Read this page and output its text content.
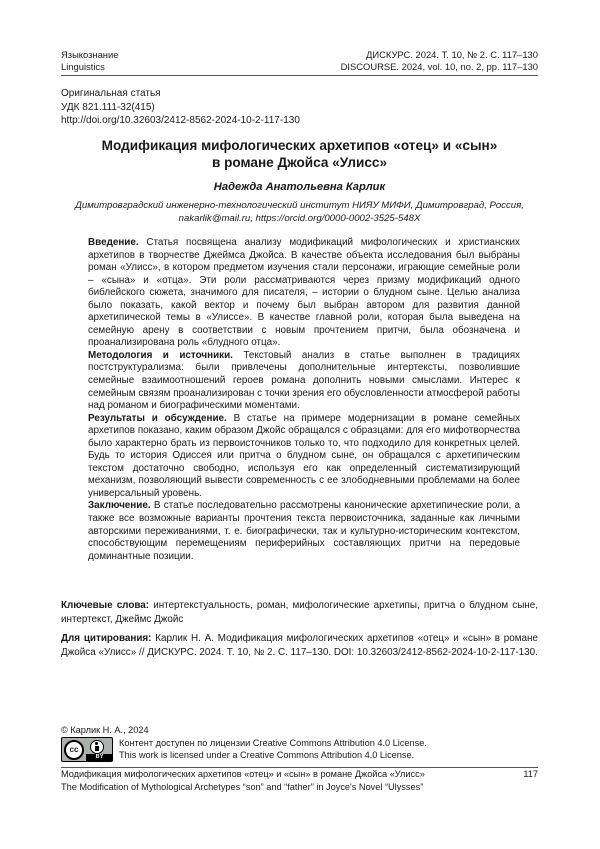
Языкознание
Linguistics
ДИСКУРС. 2024. Т. 10, № 2. С. 117–130
DISCOURSE. 2024, vol. 10, no. 2, pp. 117–130
Оригинальная статья
УДК 821.111-32(415)
http://doi.org/10.32603/2412-8562-2024-10-2-117-130
Модификация мифологических архетипов «отец» и «сын»
в романе Джойса «Улисс»
Надежда Анатольевна Карлик
Димитровградский инженерно-технологический институт НИЯУ МИФИ, Димитровград, Россия,
nakarlik@mail.ru, https://orcid.org/0000-0002-3525-548X

Введение. Статья посвящена анализу модификаций мифологических и христианских архетипов в творчестве Джеймса Джойса. В качестве объекта исследования был выбраны роман «Улисс», в котором предметом изучения стали персонажи, играющие семейные роли – «сына» и «отца». Эти роли рассматриваются через призму модификаций одного библейского сюжета, значимого для писателя, – истории о блудном сыне. Целью анализа было показать, какой вектор и почему был выбран автором для развития данной архетипической темы в «Улиссе». В качестве главной роли, которая была выведена на семейную арену в соответствии с новым прочтением притчи, была обозначена и проанализирована роль «блудного отца».

Методология и источники. Текстовый анализ в статье выполнен в традициях постструктурализма: были привлечены дополнительные интертексты, позволившие семейные взаимоотношений героев романа дополнить новыми смыслами. Интерес к семейным связям проанализирован с точки зрения его обусловленности атмосферой работы над романом и биографическими моментами.

Результаты и обсуждение. В статье на примере модернизации в романе семейных архетипов показано, каким образом Джойс обращался с образцами: для его мифотворчества было характерно брать из первоисточников только то, что подходило для конкретных целей. Будь то история Одиссея или притча о блудном сыне, он обращался с архетипическим текстом достаточно свободно, используя его как определенный систематизирующий механизм, позволяющий вывести современность с ее злободневными проблемами на более универсальный уровень.

Заключение. В статье последовательно рассмотрены канонические архетипические роли, а также все возможные варианты прочтения текста первоисточника, заданные как личными авторскими переживаниями, т. е. биографически, так и культурно-историческим контекстом, способствующим перемещениям периферийных составляющих притчи на передовые доминантные позиции.

Ключевые слова: интертекстуальность, роман, мифологические архетипы, притча о блудном сыне, интертекст, Джеймс Джойс
Для цитирования: Карлик Н. А. Модификация мифологических архетипов «отец» и «сын» в романе Джойса «Улисс» // ДИСКУРС. 2024. Т. 10, № 2. С. 117–130. DOI: 10.32603/2412-8562-2024-10-2-117-130.
© Карлик Н. А., 2024
cc
BY
Контент доступен по лицензии Creative Commons Attribution 4.0 License.
This work is licensed under a Creative Commons Attribution 4.0 License.
Модификация мифологических архетипов «отец» и «сын» в романе Джойса «Улисс»
The Modification of Mythological Archetypes “son” and “father” in Joyce's Novel “Ulysses”
117
